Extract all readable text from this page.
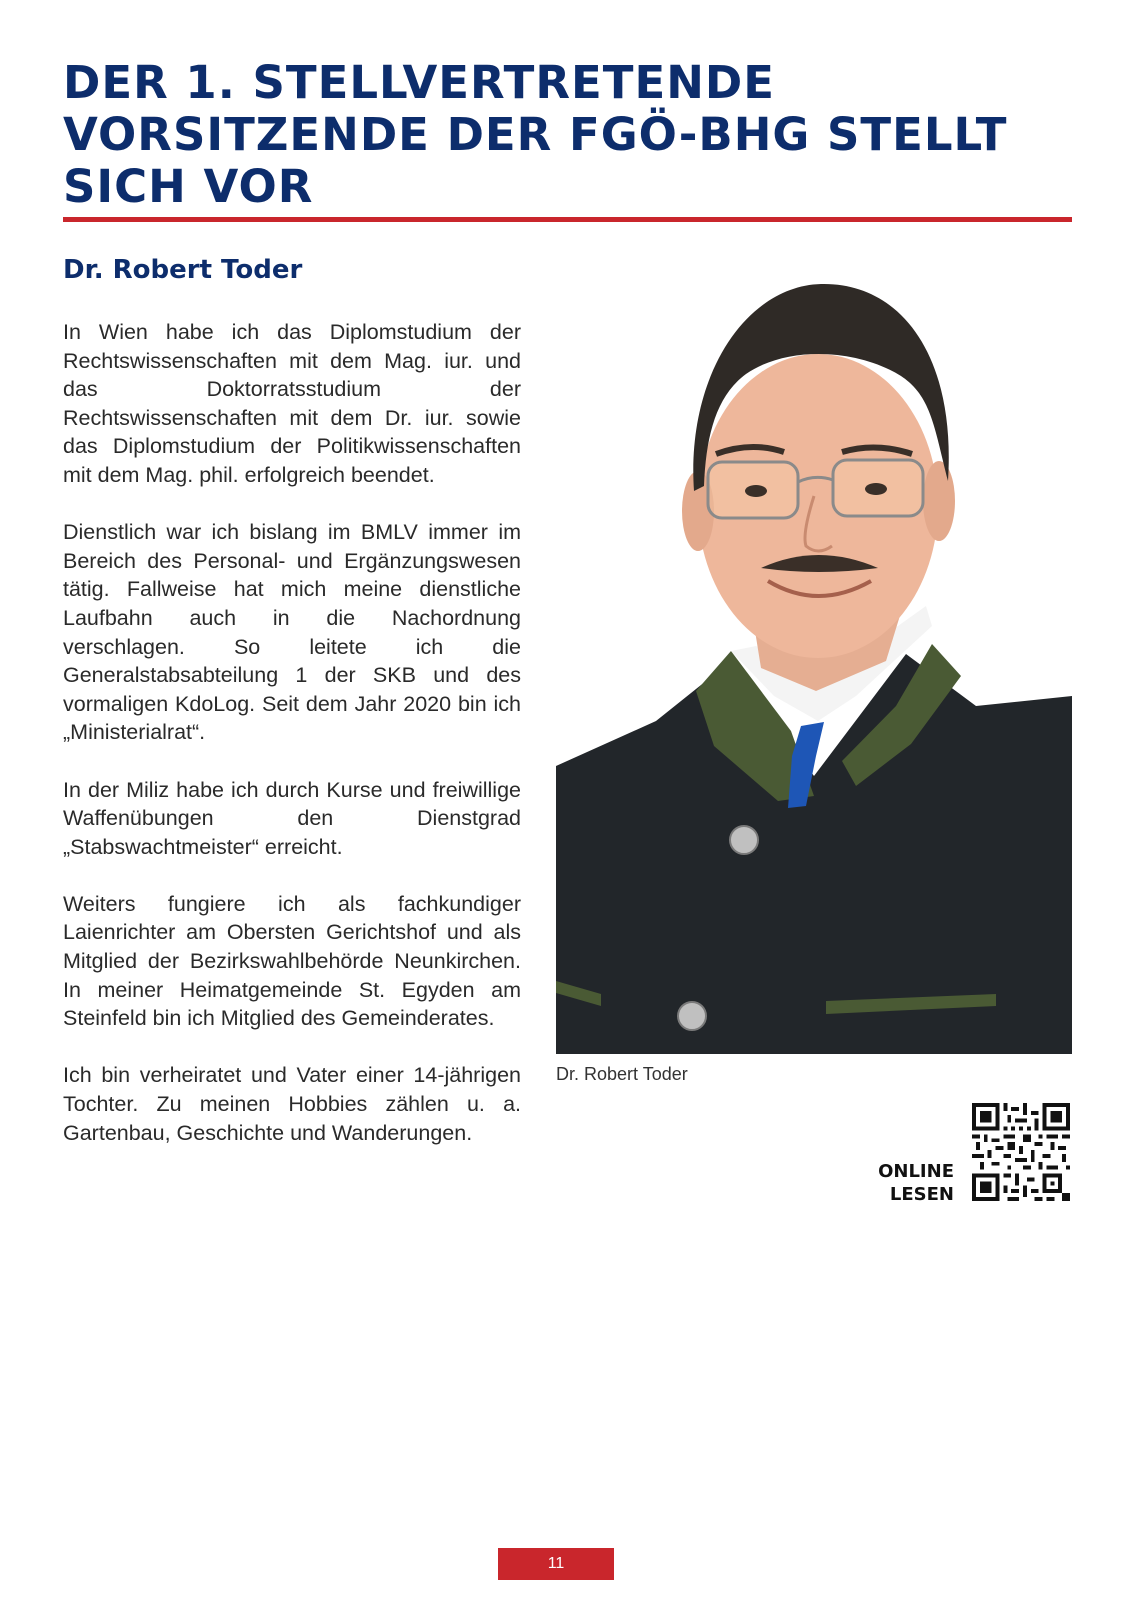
DER 1. STELLVERTRETENDE VORSITZENDE DER FGÖ-BHG STELLT SICH VOR
Dr. Robert Toder

In Wien habe ich das Diplomstudium der Rechtswissenschaften mit dem Mag. iur. und das Doktorratsstudium der Rechtswissenschaften mit dem Dr. iur. sowie das Diplomstudium der Politikwissenschaften mit dem Mag. phil. erfolgreich beendet.

Dienstlich war ich bislang im BMLV immer im Bereich des Personal- und Ergänzungswesen tätig. Fallweise hat mich meine dienstliche Laufbahn auch in die Nachordnung verschlagen. So leitete ich die Generalstabsabteilung 1 der SKB und des vormaligen KdoLog. Seit dem Jahr 2020 bin ich „Ministerialrat“.

In der Miliz habe ich durch Kurse und freiwillige Waffenübungen den Dienstgrad „Stabswachtmeister“ erreicht.

Weiters fungiere ich als fachkundiger Laienrichter am Obersten Gerichtshof und als Mitglied der Bezirkswahlbehörde Neunkirchen. In meiner Heimatgemeinde St. Egyden am Steinfeld bin ich Mitglied des Gemeinderates.

Ich bin verheiratet und Vater einer 14-jährigen Tochter. Zu meinen Hobbies zählen u. a. Gartenbau, Geschichte und Wanderungen.

Dr. Robert Toder
ONLINE
LESEN
11
